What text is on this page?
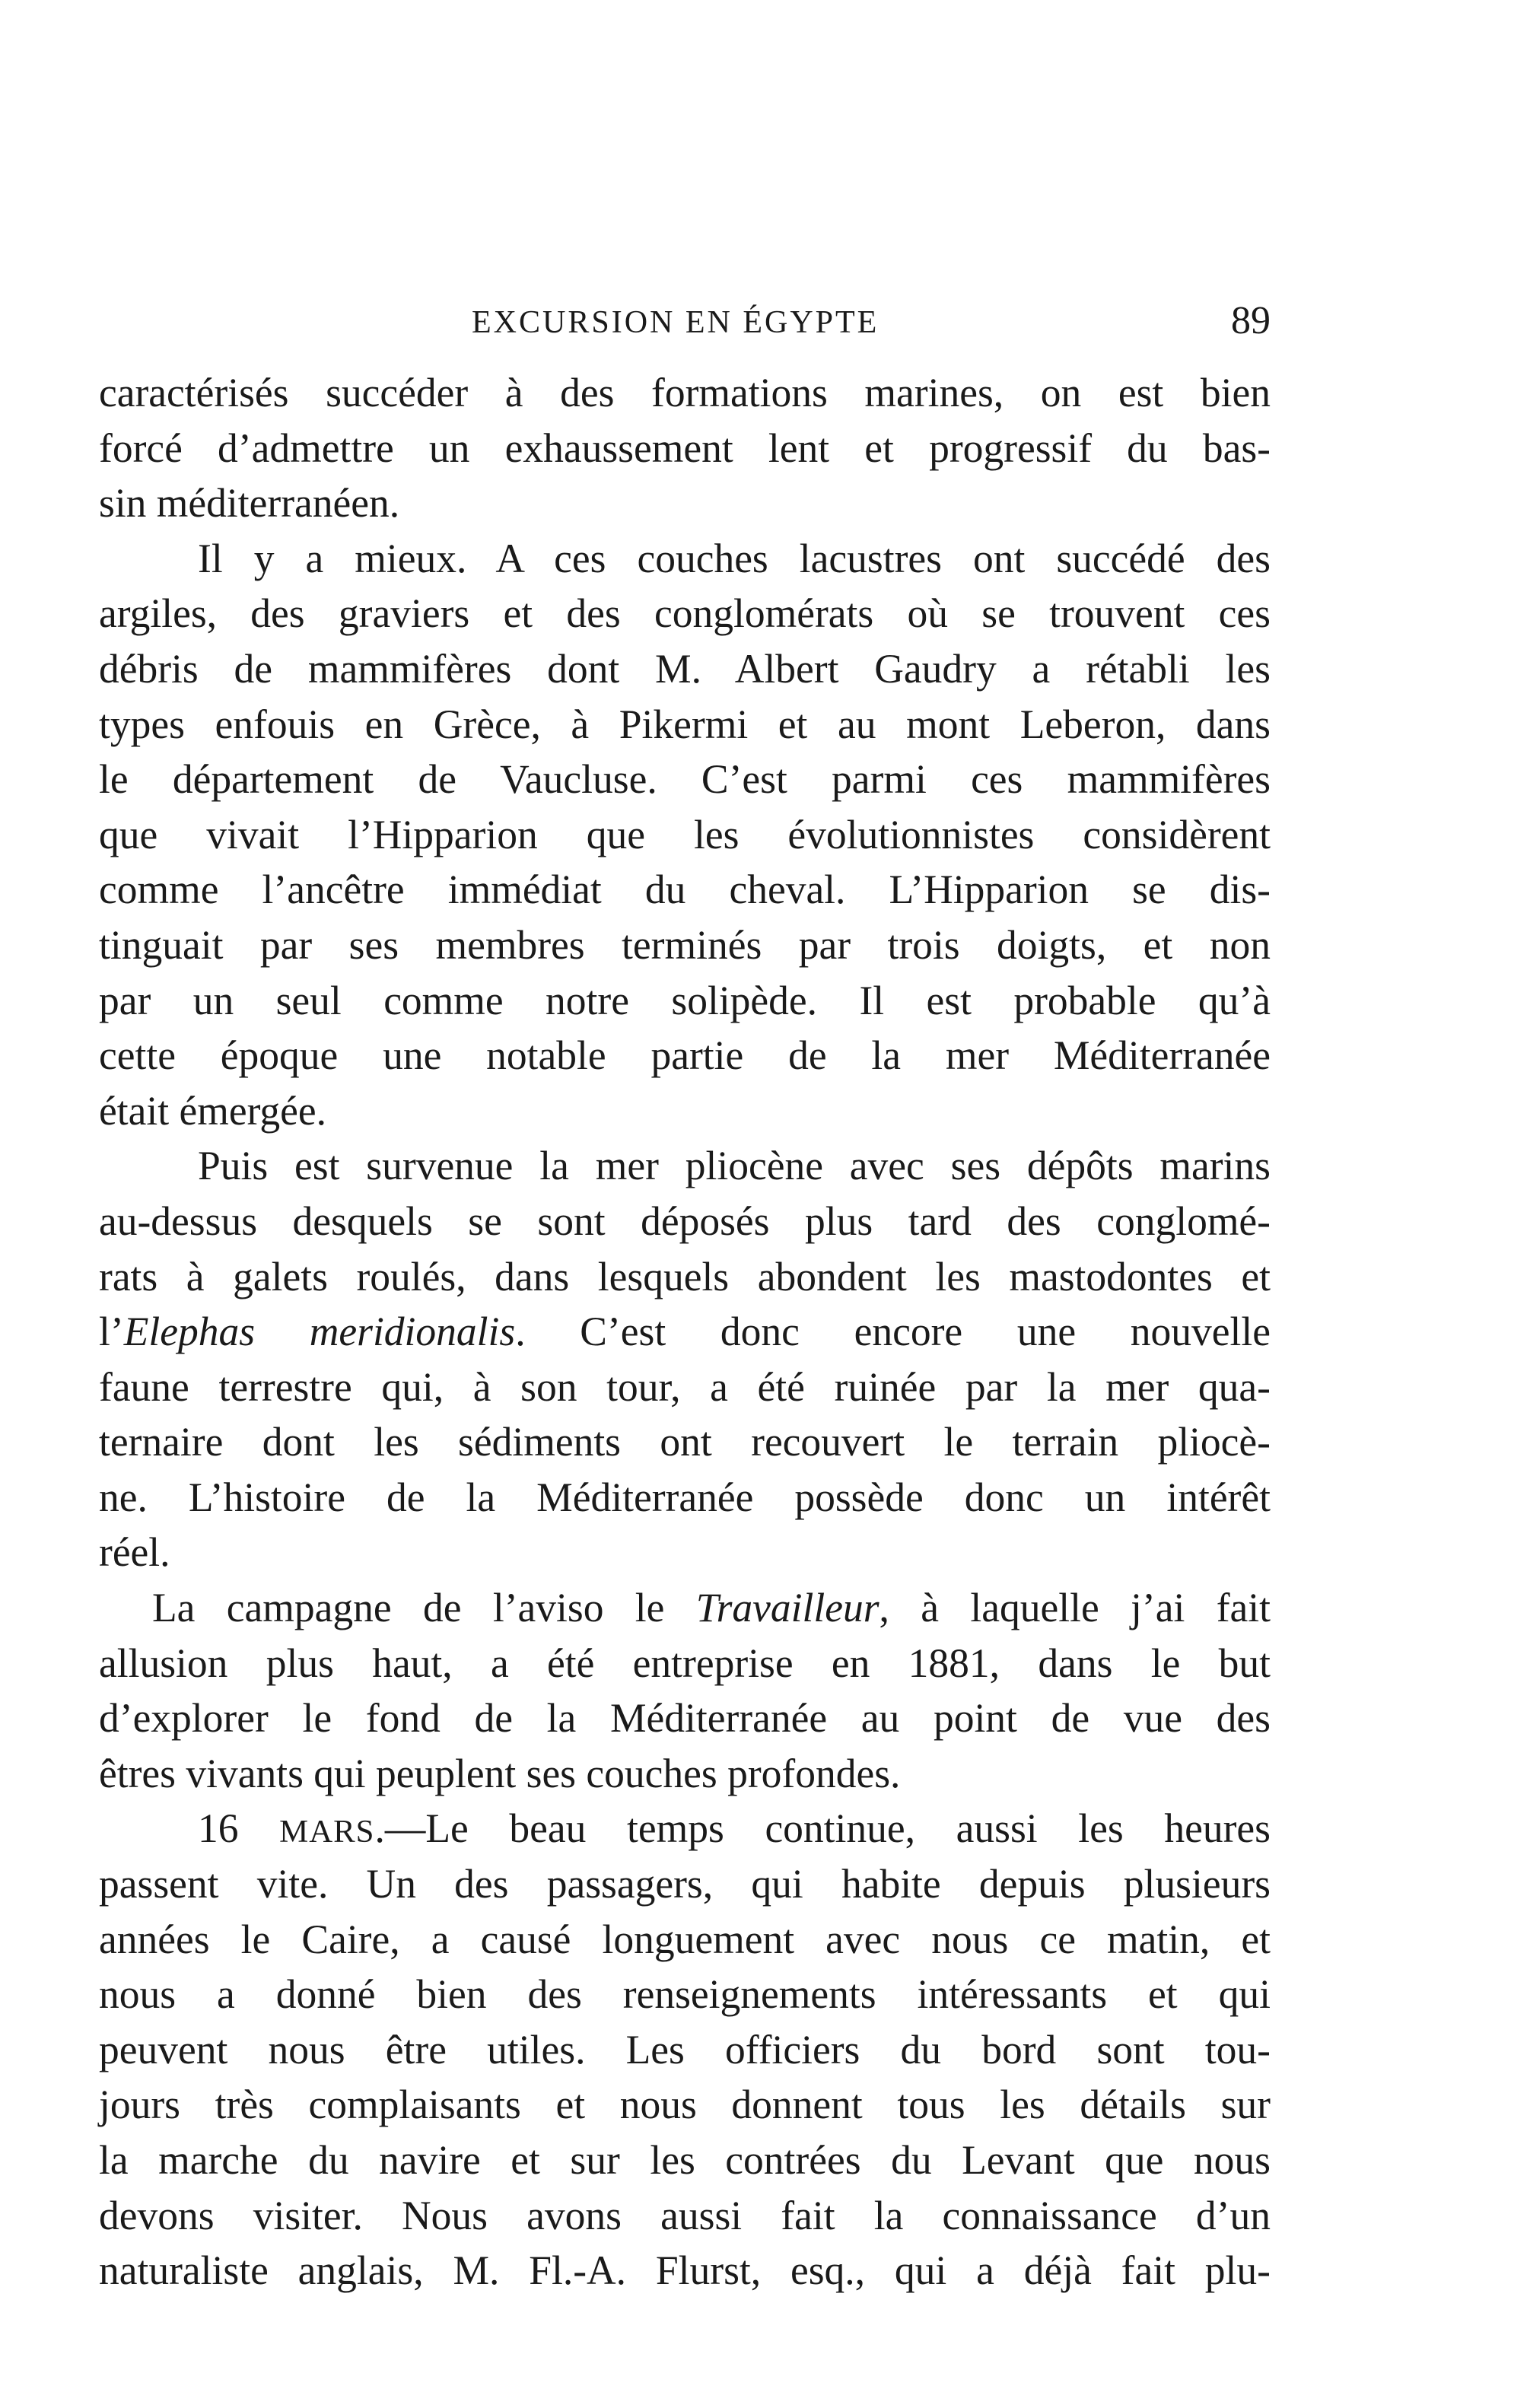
EXCURSION EN ÉGYPTE	89
caractérisés succéder à des formations marines, on est bien
forcé d’admettre un exhaussement lent et progressif du bas-
sin méditerranéen.
Il y a mieux. A ces couches lacustres ont succédé des
argiles, des graviers et des conglomérats où se trouvent ces
débris de mammifères dont M. Albert Gaudry a rétabli les
types enfouis en Grèce, à Pikermi et au mont Leberon, dans
le département de Vaucluse. C’est parmi ces mammifères
que vivait l’Hipparion que les évolutionnistes considèrent
comme l’ancêtre immédiat du cheval. L’Hipparion se dis-
tinguait par ses membres terminés par trois doigts, et non
par un seul comme notre solipède. Il est probable qu’à
cette époque une notable partie de la mer Méditerranée
était émergée.
Puis est survenue la mer pliocène avec ses dépôts marins
au-dessus desquels se sont déposés plus tard des conglomé-
rats à galets roulés, dans lesquels abondent les mastodontes et
l’Elephas meridionalis. C’est donc encore une nouvelle
faune terrestre qui, à son tour, a été ruinée par la mer qua-
ternaire dont les sédiments ont recouvert le terrain pliocè-
ne. L’histoire de la Méditerranée possède donc un intérêt
réel.
La campagne de l’aviso le Travailleur, à laquelle j’ai fait
allusion plus haut, a été entreprise en 1881, dans le but
d’explorer le fond de la Méditerranée au point de vue des
êtres vivants qui peuplent ses couches profondes.
16 MARS.—Le beau temps continue, aussi les heures
passent vite. Un des passagers, qui habite depuis plusieurs
années le Caire, a causé longuement avec nous ce matin, et
nous a donné bien des renseignements intéressants et qui
peuvent nous être utiles. Les officiers du bord sont tou-
jours très complaisants et nous donnent tous les détails sur
la marche du navire et sur les contrées du Levant que nous
devons visiter. Nous avons aussi fait la connaissance d’un
naturaliste anglais, M. Fl.-A. Flurst, esq., qui a déjà fait plu-
